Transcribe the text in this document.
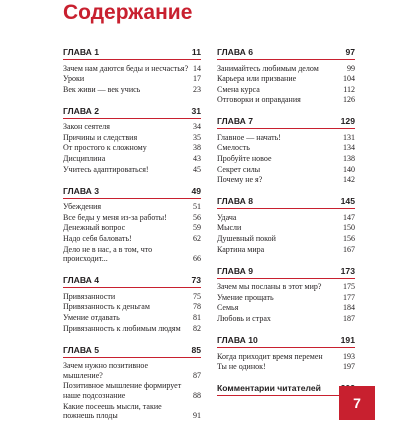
Содержание
ГЛАВА 1	11
Зачем нам даются беды и несчастья? 14
Уроки	17
Век живи — век учись	23
ГЛАВА 2	31
Закон сеятеля	34
Причины и следствия	35
От простого к сложному	38
Дисциплина	43
Учитесь адаптироваться!	45
ГЛАВА 3	49
Убеждения	51
Все беды у меня из-за работы!	56
Денежный вопрос	59
Надо себя баловать!	62
Дело не в нас, а в том, что происходит...	66
ГЛАВА 4	73
Привязанности	75
Привязанность к деньгам	78
Умение отдавать	81
Привязанность к любимым людям	82
ГЛАВА 5	85
Зачем нужно позитивное мышление?	87
Позитивное мышление формирует наше подсознание	88
Какие посеешь мысли, такие пожнешь плоды	91
ГЛАВА 6	97
Занимайтесь любимым делом	99
Карьера или призвание	104
Смена курса	112
Отговорки и оправдания	126
ГЛАВА 7	129
Главное — начать!	131
Смелость	134
Пробуйте новое	138
Секрет силы	140
Почему не я?	142
ГЛАВА 8	145
Удача	147
Мысли	150
Душевный покой	156
Картина мира	167
ГЛАВА 9	173
Зачем мы посланы в этот мир?	175
Умение прощать	177
Семья	184
Любовь и страх	187
ГЛАВА 10	191
Когда приходит время перемен	193
Ты не одинок!	197
Комментарии читателей
7
